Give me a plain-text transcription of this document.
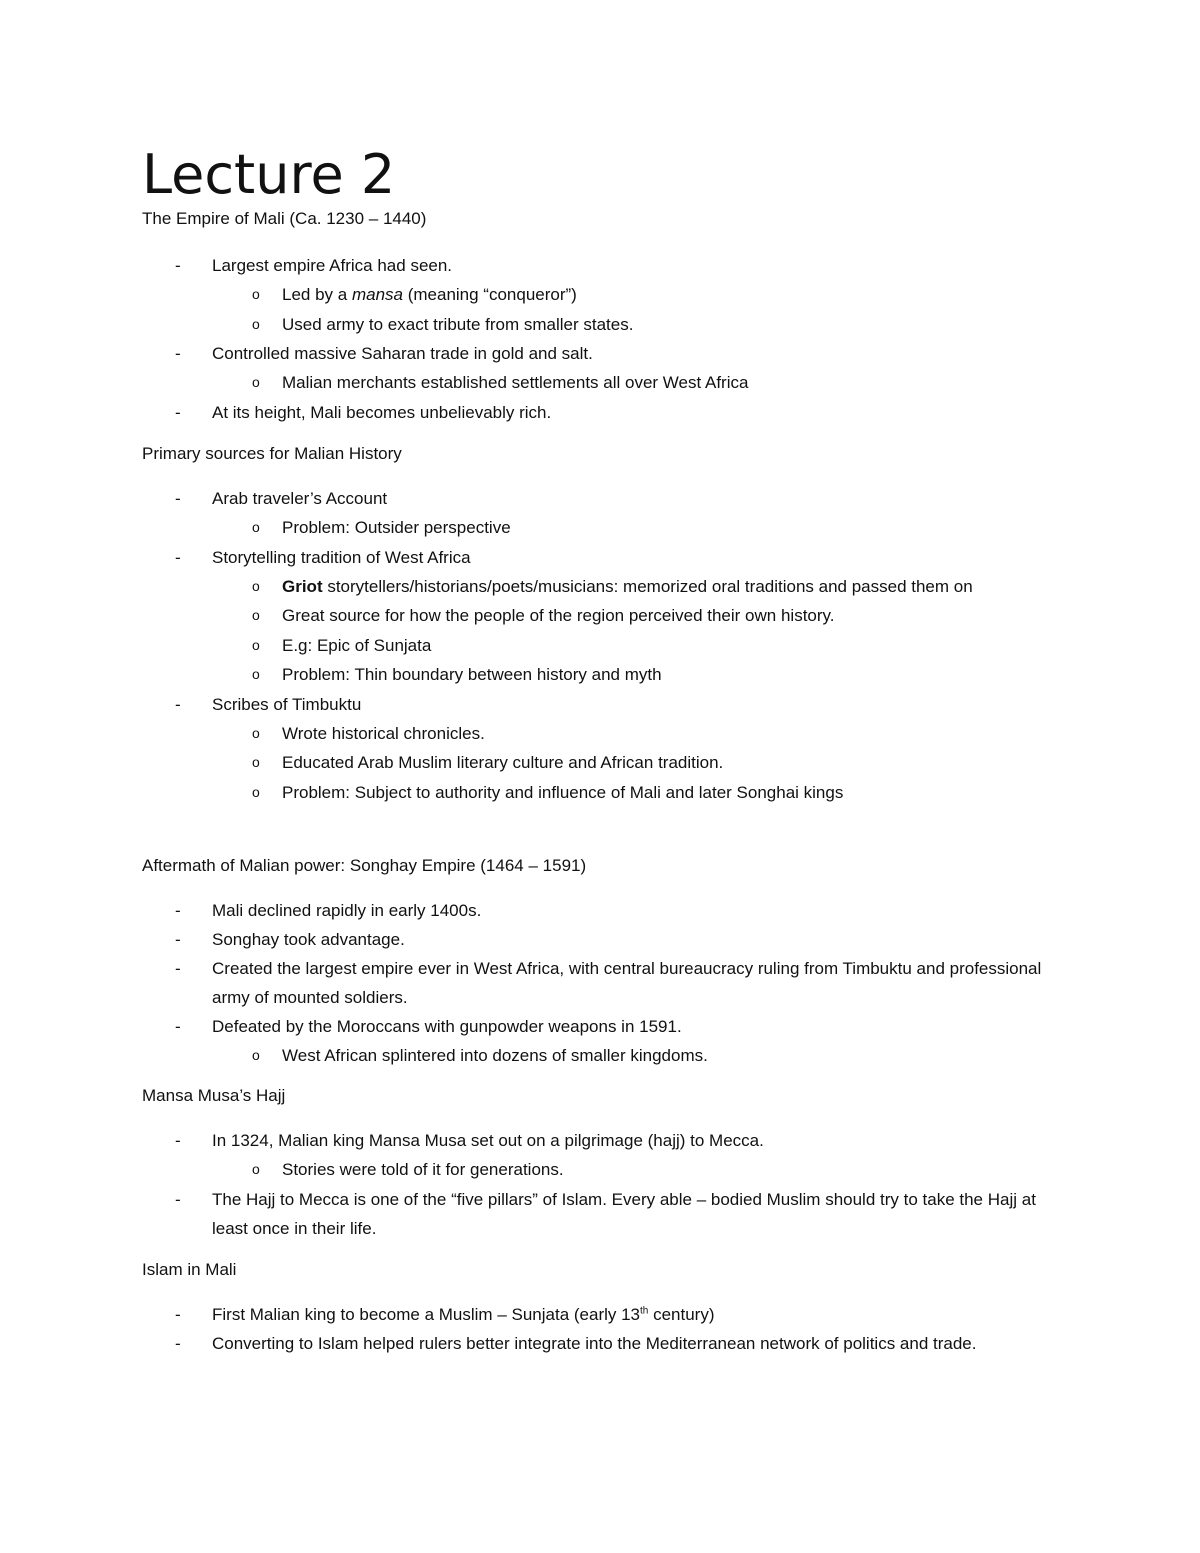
Lecture 2

The Empire of Mali (Ca. 1230 – 1440)

- Largest empire Africa had seen.
o Led by a mansa (meaning “conqueror”)
o Used army to exact tribute from smaller states.
- Controlled massive Saharan trade in gold and salt.
o Malian merchants established settlements all over West Africa
- At its height, Mali becomes unbelievably rich.

Primary sources for Malian History

- Arab traveler’s Account
o Problem: Outsider perspective
- Storytelling tradition of West Africa
o Griot storytellers/historians/poets/musicians: memorized oral traditions and passed them on
o Great source for how the people of the region perceived their own history.
o E.g: Epic of Sunjata
o Problem: Thin boundary between history and myth
- Scribes of Timbuktu
o Wrote historical chronicles.
o Educated Arab Muslim literary culture and African tradition.
o Problem: Subject to authority and influence of Mali and later Songhai kings

Aftermath of Malian power: Songhay Empire (1464 – 1591)

- Mali declined rapidly in early 1400s.
- Songhay took advantage.
- Created the largest empire ever in West Africa, with central bureaucracy ruling from Timbuktu and professional army of mounted soldiers.
- Defeated by the Moroccans with gunpowder weapons in 1591.
o West African splintered into dozens of smaller kingdoms.

Mansa Musa’s Hajj

- In 1324, Malian king Mansa Musa set out on a pilgrimage (hajj) to Mecca.
o Stories were told of it for generations.
- The Hajj to Mecca is one of the “five pillars” of Islam. Every able – bodied Muslim should try to take the Hajj at least once in their life.

Islam in Mali

- First Malian king to become a Muslim – Sunjata (early 13th century)
- Converting to Islam helped rulers better integrate into the Mediterranean network of politics and trade.
